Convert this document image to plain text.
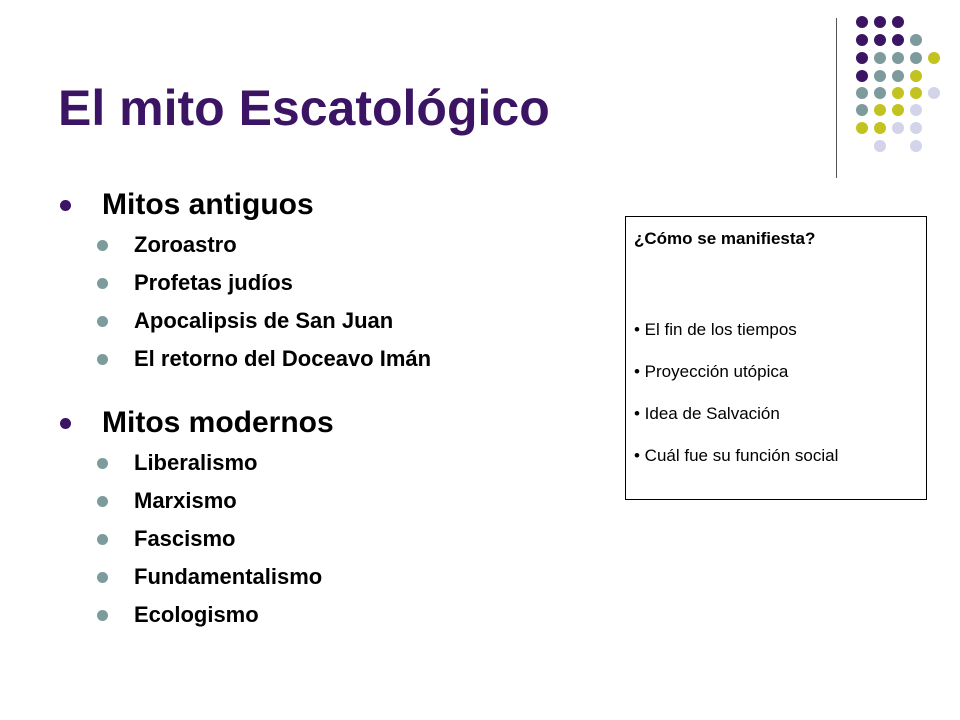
El mito Escatológico
Mitos antiguos
Zoroastro
Profetas judíos
Apocalipsis de San Juan
El retorno del Doceavo Imán
Mitos modernos
Liberalismo
Marxismo
Fascismo
Fundamentalismo
Ecologismo
¿Cómo se manifiesta?
• El fin de los tiempos
• Proyección utópica
• Idea de Salvación
• Cuál fue su función social
